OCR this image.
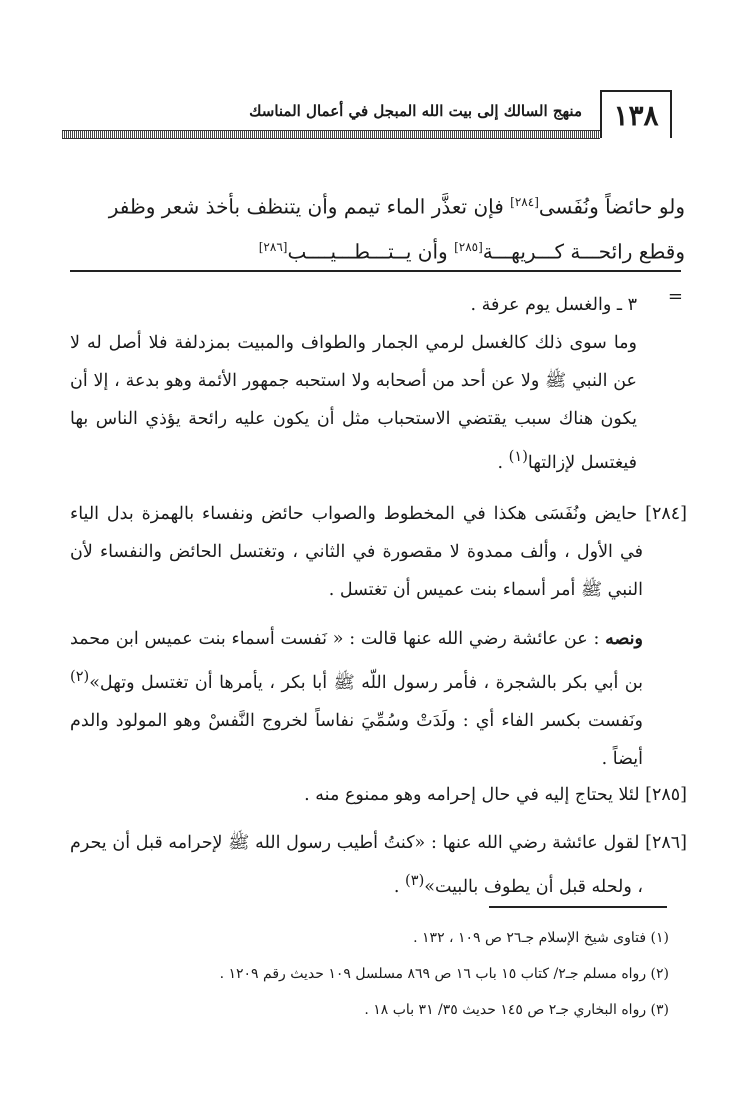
١٣٨
منهج السالك إلى بيت الله المبجل في أعمال المناسك

ولو حائضاً ونُفَسى[٢٨٤] فإن تعذَّر الماء تيمم وأن يتنظف بأخذ شعر وظفر

وقطع رائحـــة كـــريهـــة[٢٨٥] وأن يــتـــطـــيــــب[٢٨٦]

=

٣ ـ والغسل يوم عرفة .

وما سوى ذلك كالغسل لرمي الجمار والطواف والمبيت بمزدلفة فلا أصل له لا عن النبي ﷺ ولا عن أحد من أصحابه ولا استحبه جمهور الأئمة وهو بدعة ، إلا أن يكون هناك سبب يقتضي الاستحباب مثل أن يكون عليه رائحة يؤذي الناس بها فيغتسل لإزالتها$^{(١)}$ .

[٢٨٤] حايض ونُفَسَى هكذا في المخطوط والصواب حائض ونفساء بالهمزة بدل الياء في الأول ، وألف ممدوة لا مقصورة في الثاني ، وتغتسل الحائض والنفساء لأن النبي ﷺ أمر أسماء بنت عميس أن تغتسل .

ونصه : عن عائشة رضي الله عنها قالت : « نَفست أسماء بنت عميس ابن محمد بن أبي بكر بالشجرة ، فأمر رسول اللّه ﷺ أبا بكر ، يأمرها أن تغتسل وتهل»$^{(٢)}$ ونَفست بكسر الفاء أي : ولَدَتْ وسُمِّيَ نفاساً لخروج النَّفسْ وهو المولود والدم أيضاً .

[٢٨٥] لئلا يحتاج إليه في حال إحرامه وهو ممنوع منه .

[٢٨٦] لقول عائشة رضي الله عنها : «كنتُ أطيب رسول الله ﷺ لإحرامه قبل أن يحرم ، ولحله قبل أن يطوف بالبيت»$^{(٣)}$ .

(١) فتاوى شيخ الإسلام جـ٢٦ ص ١٠٩ ، ١٣٢ .

(٢) رواه مسلم جـ٢/ كتاب ١٥ باب ١٦ ص ٨٦٩ مسلسل ١٠٩ حديث رقم ١٢٠٩ .

(٣) رواه البخاري جـ٢ ص ١٤٥ حديث ٣٥/ ٣١ باب ١٨ .
